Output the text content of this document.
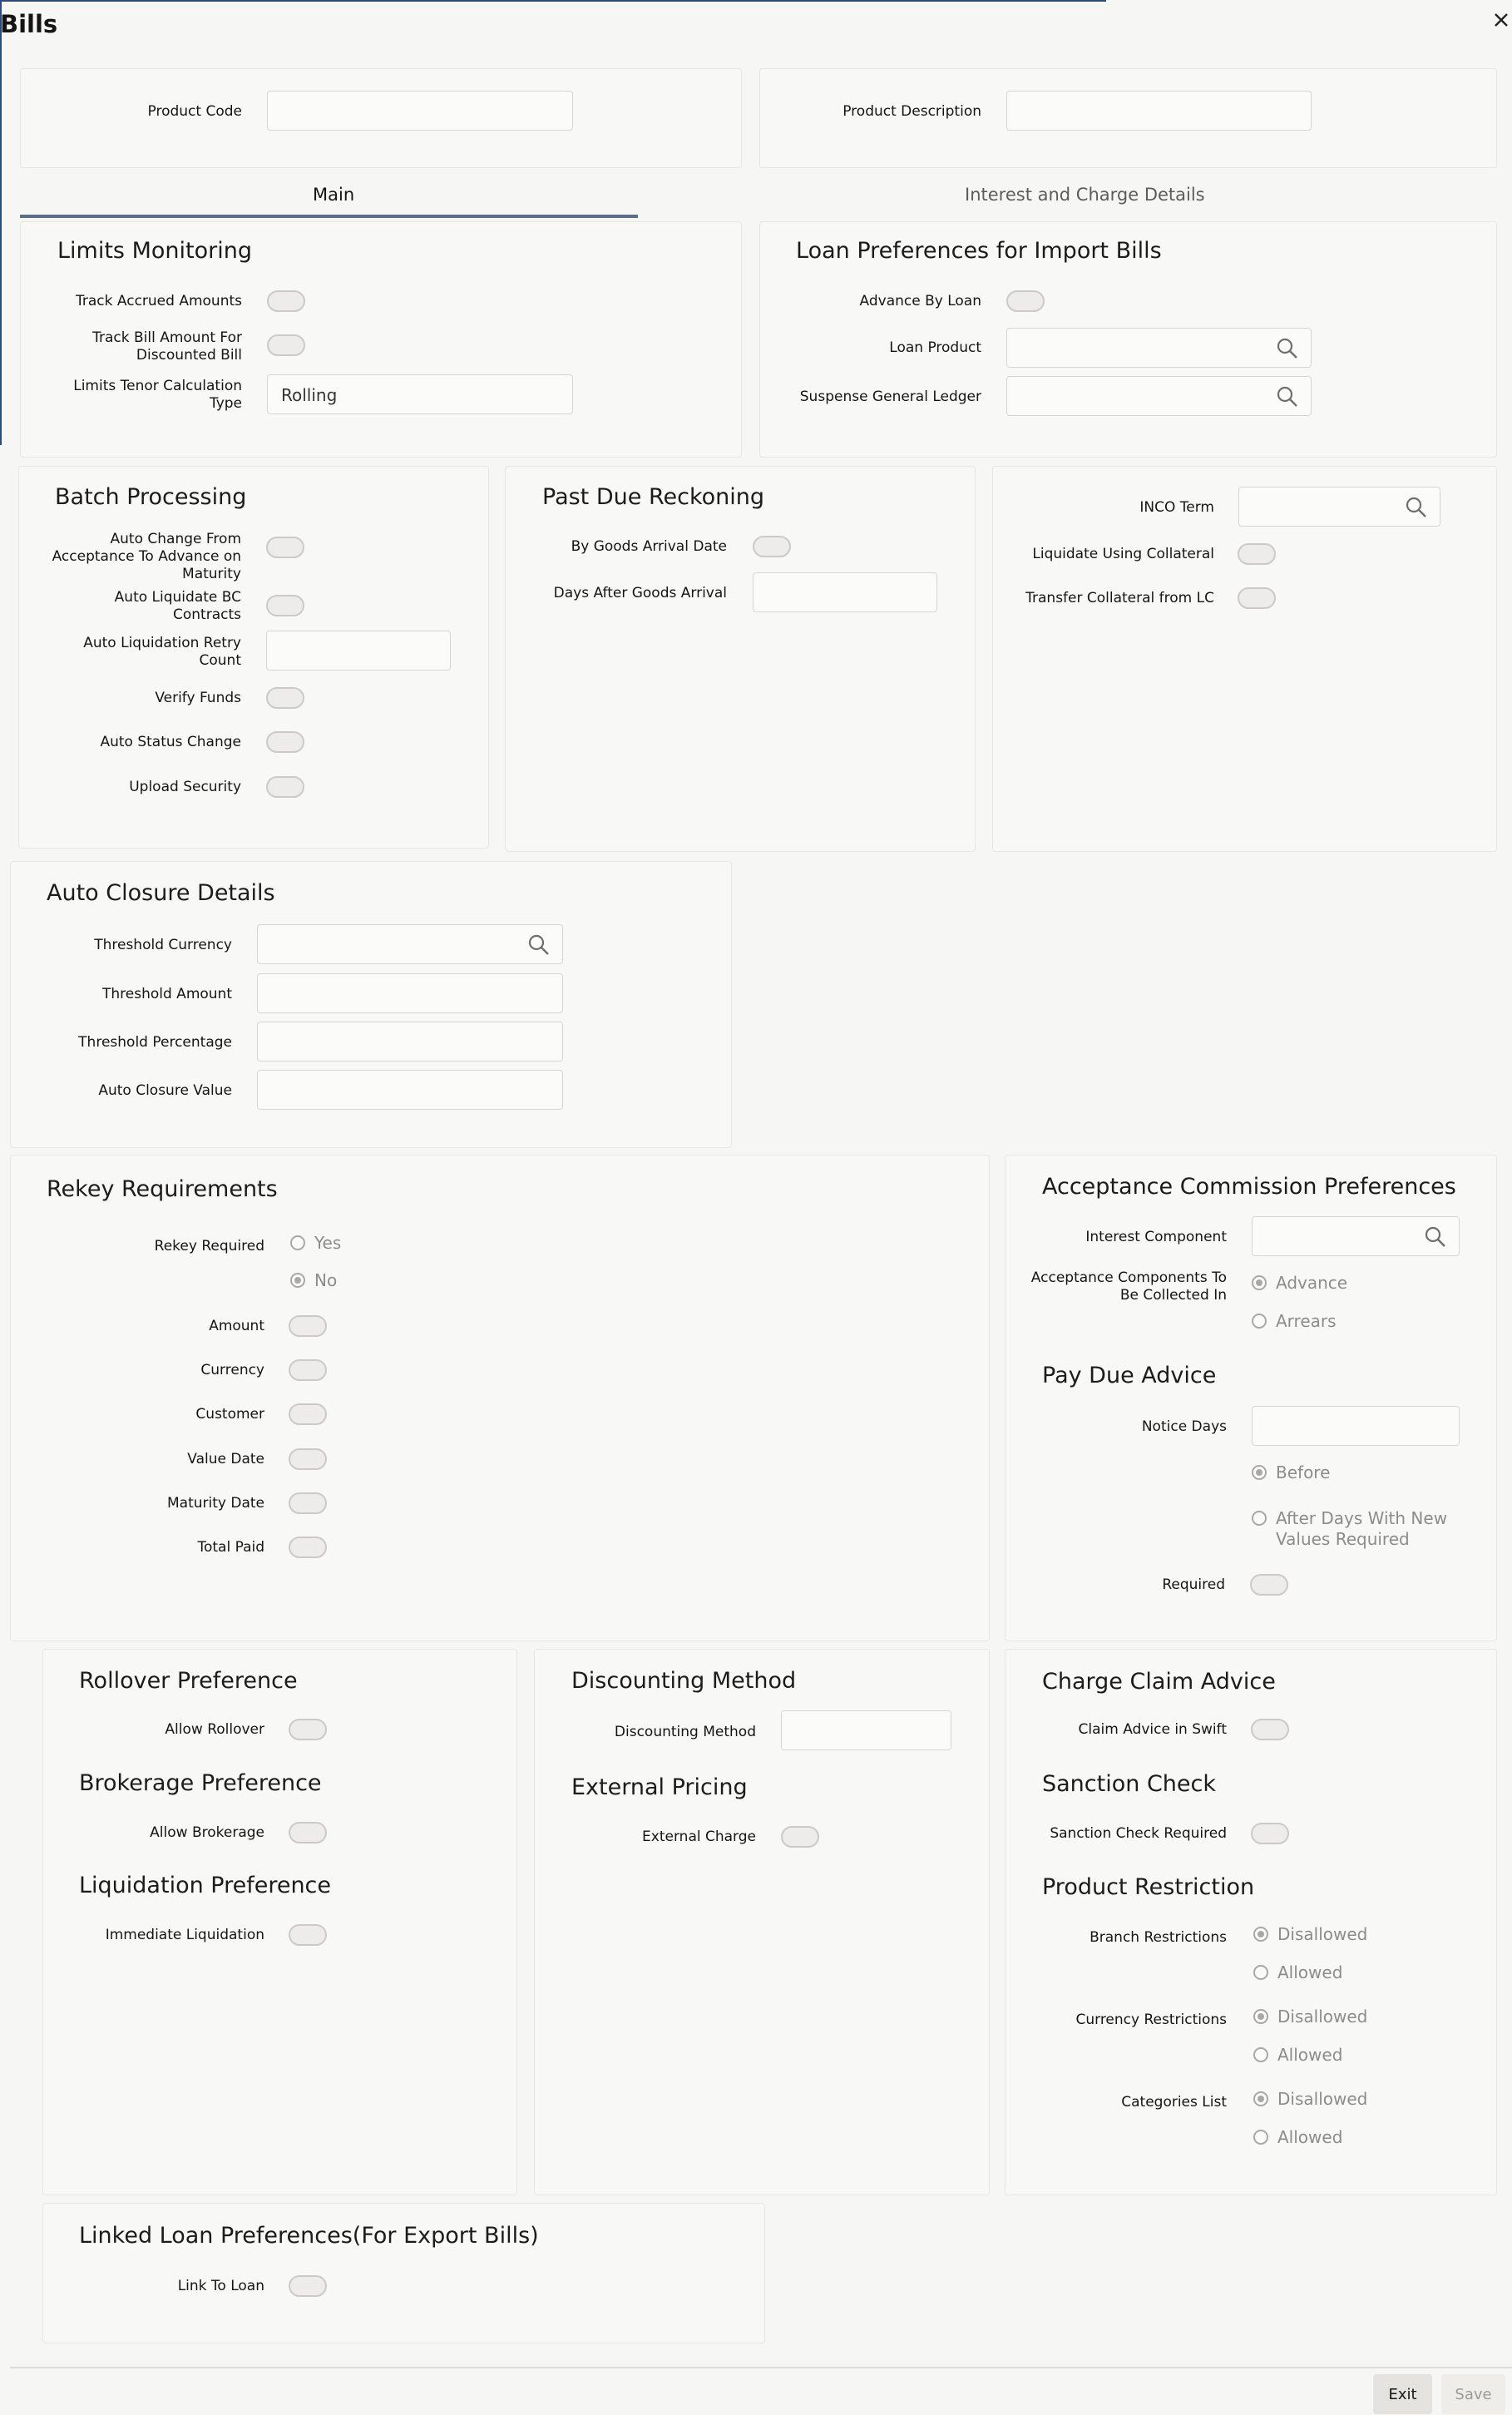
Bills
Product Code	Product Description
Main	Interest and Charge Details
Limits Monitoring
Track Accrued Amounts
Track Bill Amount For Discounted Bill
Limits Tenor Calculation Type Rolling
Loan Preferences for Import Bills
Advance By Loan
Loan Product
Suspense General Ledger
Batch Processing
Auto Change From Acceptance To Advance on Maturity
Auto Liquidate BC Contracts
Auto Liquidation Retry Count
Verify Funds
Auto Status Change
Upload Security
Past Due Reckoning
By Goods Arrival Date
Days After Goods Arrival
INCO Term
Liquidate Using Collateral
Transfer Collateral from LC
Auto Closure Details
Threshold Currency
Threshold Amount
Threshold Percentage
Auto Closure Value
Rekey Requirements
Rekey Required	Yes
No
Amount
Currency
Customer
Value Date
Maturity Date
Total Paid
Acceptance Commission Preferences
Interest Component
Acceptance Components To Be Collected In
Advance
Arrears
Pay Due Advice
Notice Days
Before
After Days With New Values Required
Required
Rollover Preference
Allow Rollover
Brokerage Preference
Allow Brokerage
Liquidation Preference
Immediate Liquidation
Discounting Method
Discounting Method
External Pricing
External Charge
Charge Claim Advice
Claim Advice in Swift
Sanction Check
Sanction Check Required
Product Restriction
Branch Restrictions	Disallowed
Allowed
Currency Restrictions	Disallowed
Allowed
Categories List	Disallowed
Allowed
Linked Loan Preferences(For Export Bills)
Link To Loan
Exit	Save
